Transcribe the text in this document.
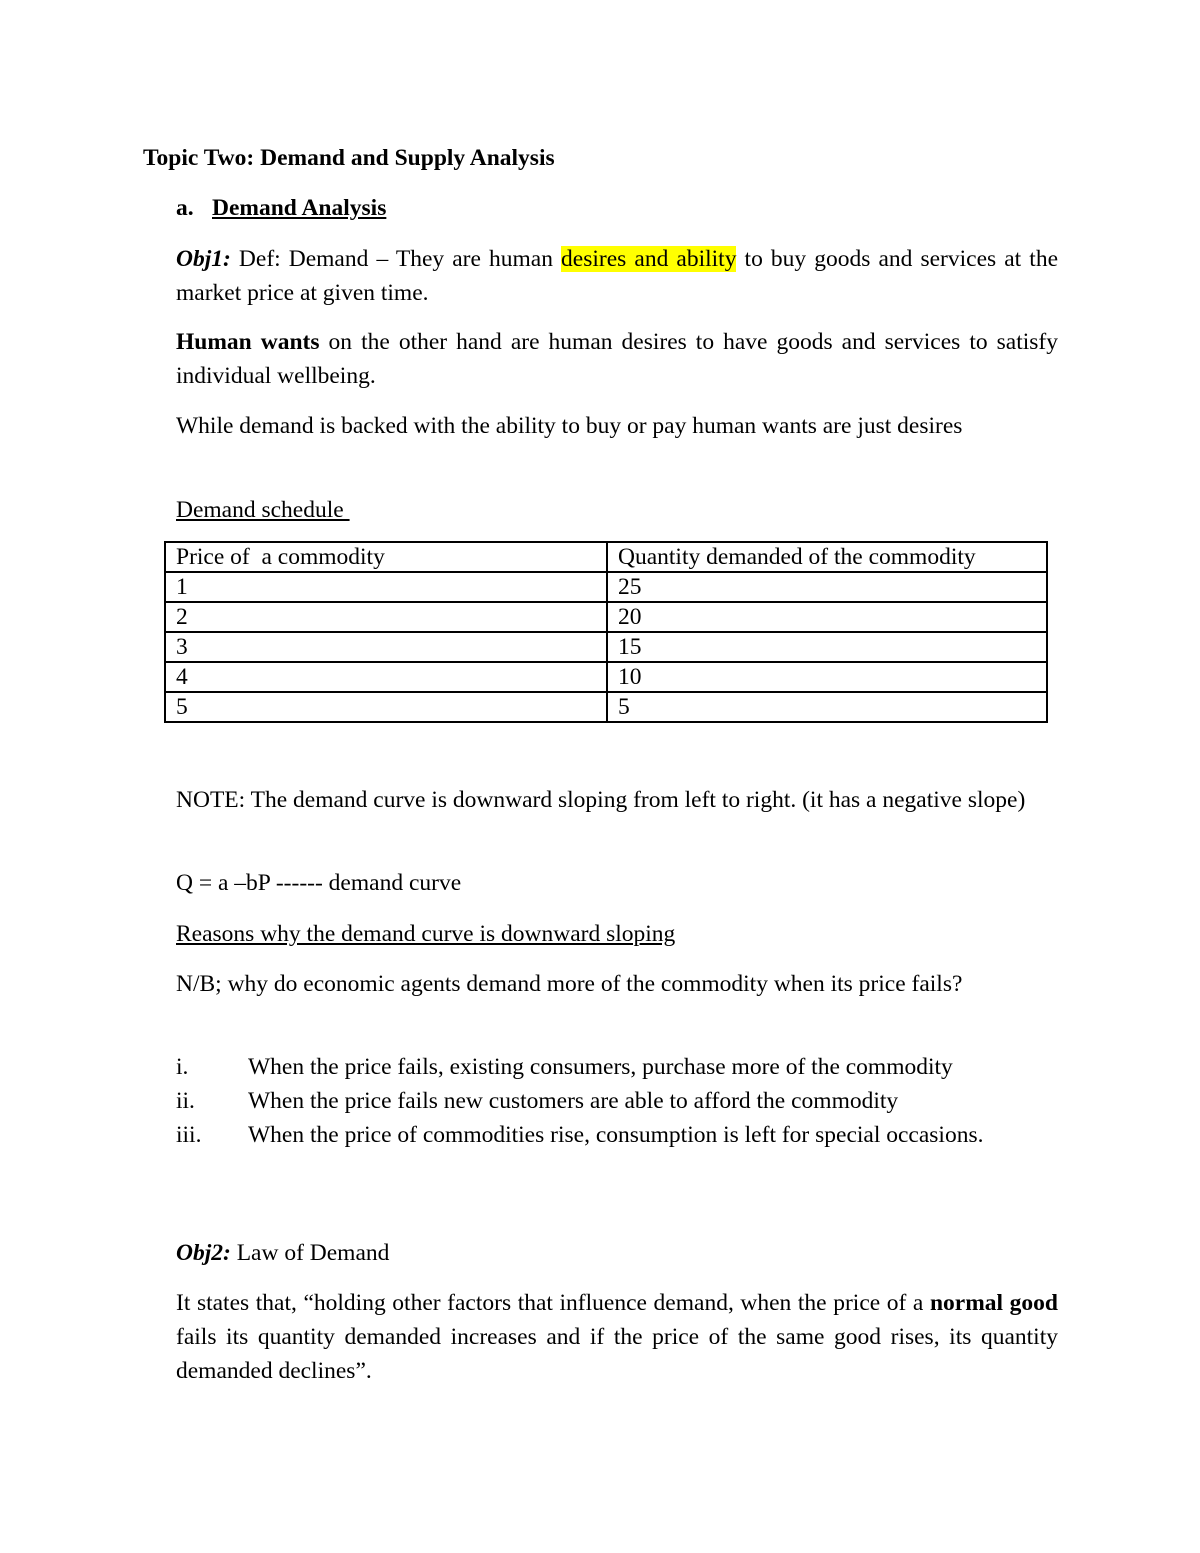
Topic Two: Demand and Supply Analysis
a. Demand Analysis
Obj1: Def: Demand – They are human desires and ability to buy goods and services at the market price at given time.
Human wants on the other hand are human desires to have goods and services to satisfy individual wellbeing.
While demand is backed with the ability to buy or pay human wants are just desires
Demand schedule
Price of  a commodity	Quantity demanded of the commodity
1	25
2	20
3	15
4	10
5	5
NOTE: The demand curve is downward sloping from left to right. (it has a negative slope)
Q = a –bP ------ demand curve
Reasons why the demand curve is downward sloping
N/B; why do economic agents demand more of the commodity when its price fails?
i.	When the price fails, existing consumers, purchase more of the commodity
ii. When the price fails new customers are able to afford the commodity
iii. When the price of commodities rise, consumption is left for special occasions.
Obj2: Law of Demand
It states that, “holding other factors that influence demand, when the price of a normal good fails its quantity demanded increases and if the price of the same good rises, its quantity demanded declines”.
